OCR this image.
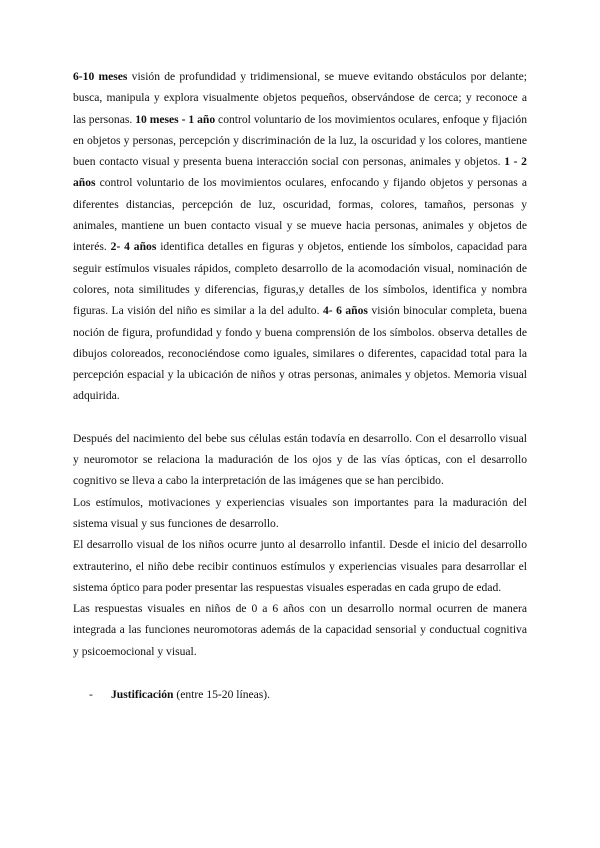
6-10 meses visión de profundidad y tridimensional, se mueve evitando obstáculos por delante; busca, manipula y explora visualmente objetos pequeños, observándose de cerca; y reconoce a las personas. 10 meses - 1 año control voluntario de los movimientos oculares, enfoque y fijación en objetos y personas, percepción y discriminación de la luz, la oscuridad y los colores, mantiene buen contacto visual y presenta buena interacción social con personas, animales y objetos. 1 - 2 años control voluntario de los movimientos oculares, enfocando y fijando objetos y personas a diferentes distancias, percepción de luz, oscuridad, formas, colores, tamaños, personas y animales, mantiene un buen contacto visual y se mueve hacia personas, animales y objetos de interés. 2- 4 años identifica detalles en figuras y objetos, entiende los símbolos, capacidad para seguir estímulos visuales rápidos, completo desarrollo de la acomodación visual, nominación de colores, nota similitudes y diferencias, figuras,y detalles de los símbolos, identifica y nombra figuras. La visión del niño es similar a la del adulto. 4- 6 años visión binocular completa, buena noción de figura, profundidad y fondo y buena comprensión de los símbolos. observa detalles de dibujos coloreados, reconociéndose como iguales, similares o diferentes, capacidad total para la percepción espacial y la ubicación de niños y otras personas, animales y objetos. Memoria visual adquirida.

Después del nacimiento del bebe sus células están todavía en desarrollo. Con el desarrollo visual y neuromotor se relaciona la maduración de los ojos y de las vías ópticas, con el desarrollo cognitivo se lleva a cabo la interpretación de las imágenes que se han percibido.

Los estímulos, motivaciones y experiencias visuales son importantes para la maduración del sistema visual y sus funciones de desarrollo.

El desarrollo visual de los niños ocurre junto al desarrollo infantil. Desde el inicio del desarrollo extrauterino, el niño debe recibir continuos estímulos y experiencias visuales para desarrollar el sistema óptico para poder presentar las respuestas visuales esperadas en cada grupo de edad.

Las respuestas visuales en niños de 0 a 6 años con un desarrollo normal ocurren de manera integrada a las funciones neuromotoras además de la capacidad sensorial y conductual cognitiva y psicoemocional y visual.

-	Justificación (entre 15-20 líneas).
